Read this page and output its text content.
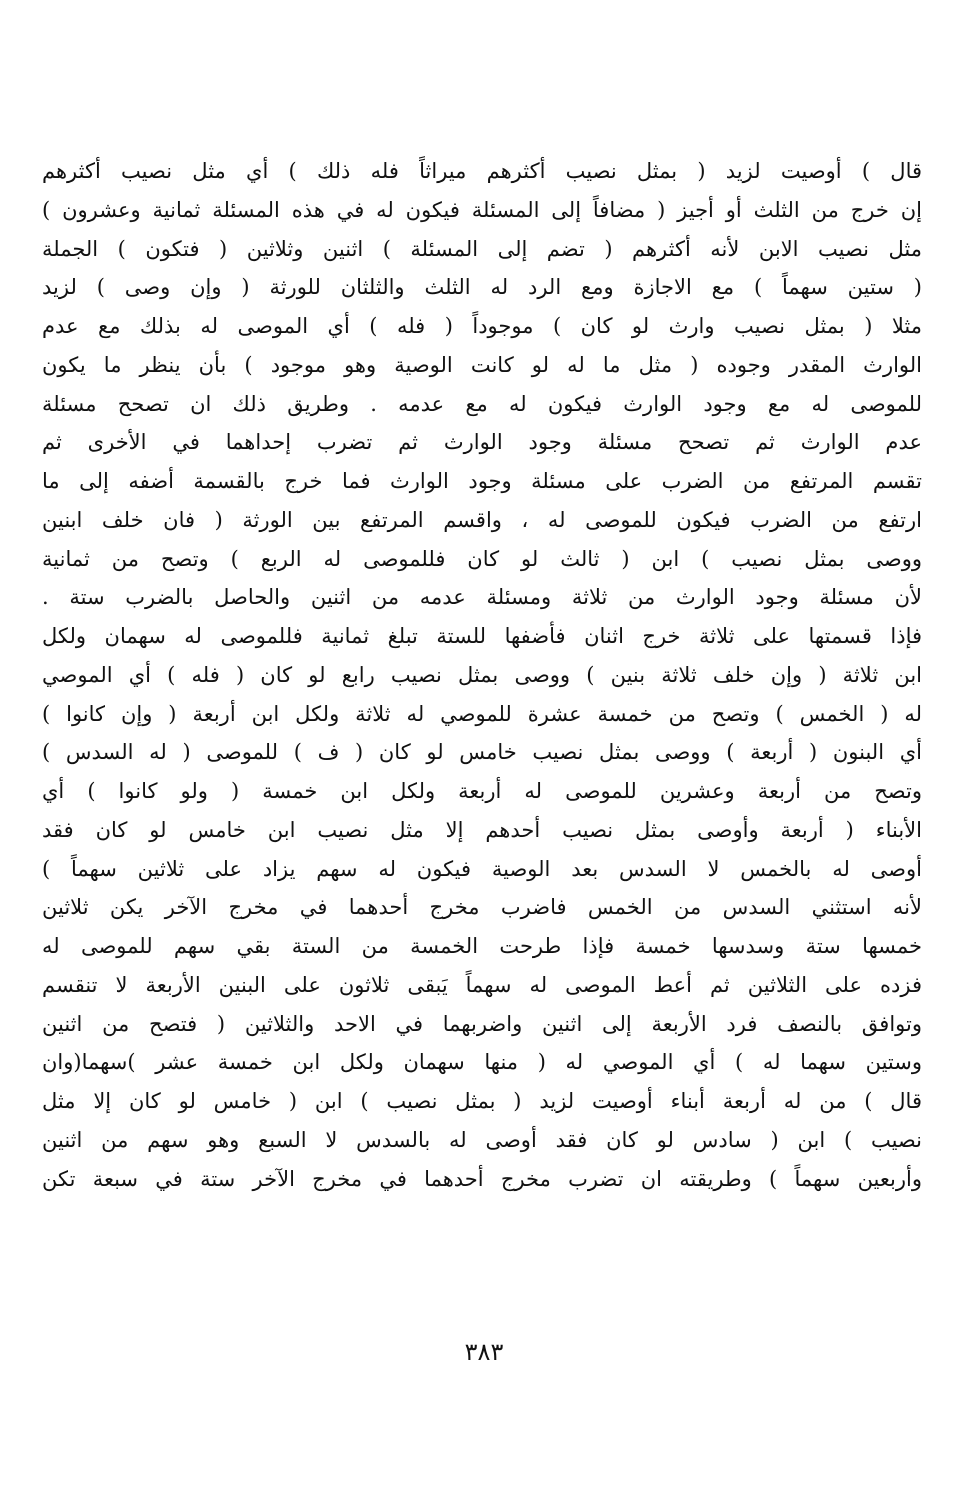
قال ) أوصيت لزيد ( بمثل نصيب أكثرهم ميراثاً فله ذلك ) أي مثل نصيب أكثرهم
إن خرج من الثلث أو أجيز ( مضافاً إلى المسئلة فيكون له في هذه المسئلة ثمانية وعشرون )
مثل نصيب الابن لأنه أكثرهم ( تضم إلى المسئلة ) اثنين وثلاثين ( فتكون ) الجملة
( ستين سهماً ) مع الاجازة ومع الرد له الثلث والثلثان للورثة ( وإن وصى ) لزيد
مثلا ( بمثل نصيب وارث لو كان ) موجوداً ( فله ) أي الموصى له بذلك مع عدم
الوارث المقدر وجوده ( مثل ما له لو كانت الوصية وهو موجود ) بأن ينظر ما يكون
للموصى له مع وجود الوارث فيكون له مع عدمه . وطريق ذلك ان تصحح مسئلة
عدم الوارث ثم تصحح مسئلة وجود الوارث ثم تضرب إحداهما في الأخرى ثم
تقسم المرتفع من الضرب على مسئلة وجود الوارث فما خرج بالقسمة أضفه إلى ما
ارتفع من الضرب فيكون للموصى له ، واقسم المرتفع بين الورثة ( فان خلف ابنين
ووصى بمثل نصيب ) ابن ( ثالث لو كان فللموصى له الربع ) وتصح من ثمانية
لأن مسئلة وجود الوارث من ثلاثة ومسئلة عدمه من اثنين والحاصل بالضرب ستة .
فإذا قسمتها على ثلاثة خرج اثنان فأضفها للستة تبلغ ثمانية فللموصى له سهمان ولكل
ابن ثلاثة ( وإن خلف ثلاثة بنين ) ووصى بمثل نصيب رابع لو كان ( فله ) أي الموصي
له ( الخمس ) وتصح من خمسة عشرة للموصي له ثلاثة ولكل ابن أربعة ( وإن كانوا )
أي البنون ( أربعة ) ووصى بمثل نصيب خامس لو كان ( ف ) للموصى ( له السدس )
وتصح من أربعة وعشرين للموصى له أربعة ولكل ابن خمسة ( ولو كانوا ) أي
الأبناء ( أربعة وأوصى بمثل نصيب أحدهم إلا مثل نصيب ابن خامس لو كان فقد
أوصى له بالخمس لا السدس بعد الوصية فيكون له سهم يزاد على ثلاثين سهماً )
لأنه استثني السدس من الخمس فاضرب مخرج أحدهما في مخرج الآخر يكن ثلاثين
خمسها ستة وسدسها خمسة فإذا طرحت الخمسة من الستة بقي سهم للموصى له
فزده على الثلاثين ثم أعط الموصى له سهماً يَبقى ثلاثون على البنين الأربعة لا تنقسم
وتوافق بالنصف فرد الأربعة إلى اثنين واضربهما في الاحد والثلاثين ( فتصح من اثنين
وستين سهما له ) أي الموصي له ( منها سهمان ولكل ابن خمسة عشر )سهما(وان
قال ) من له أربعة أبناء أوصيت لزيد ( بمثل نصيب ) ابن ( خامس لو كان إلا مثل
نصيب ) ابن ( سادس لو كان فقد أوصى له بالسدس لا السبع وهو سهم من اثنين
وأربعين سهماً ) وطريقته ان تضرب مخرج أحدهما في مخرج الآخر ستة في سبعة تكن
٣٨٣
